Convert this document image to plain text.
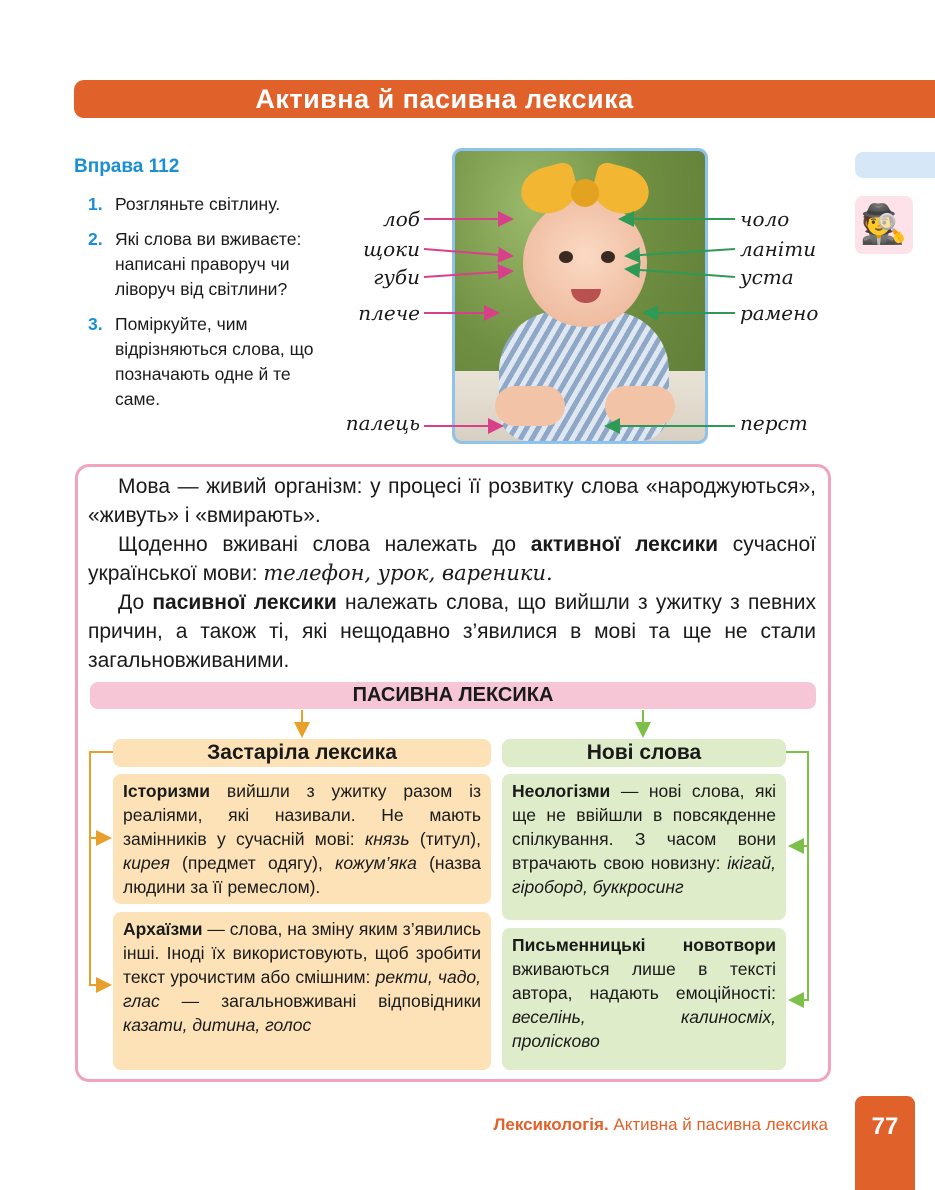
Активна й пасивна лексика
🕵
Вправа 112
1. Розгляньте світлину.
2. Які слова ви вживаєте: написані праворуч чи ліворуч від світлини?
3. Поміркуйте, чим відрізняються слова, що позначають одне й те саме.
лоб
щоки
губи
плече
палець
чоло
ланіти
уста
рамено
перст

Мова — живий організм: у процесі її розвитку слова «народжуються», «живуть» і «вмирають».

Щоденно вживані слова належать до активної лексики сучасної української мови: телефон, урок, вареники.

До пасивної лексики належать слова, що вийшли з ужитку з певних причин, а також ті, які нещодавно з’явилися в мові та ще не стали загальновживаними.

ПАСИВНА ЛЕКСИКА
Застаріла лексика	Нові слова
Історизми вийшли з ужитку разом із реаліями, які називали. Не мають замінників у сучасній мові: князь (титул), кирея (предмет одягу), кожум’яка (назва людини за її ремеслом).
Архаїзми — слова, на зміну яким з’явились інші. Іноді їх використовують, щоб зробити текст урочистим або смішним: ректи, чадо, глас — загальновживані відповідники казати, дитина, голос
Неологізми — нові слова, які ще не ввійшли в повсякденне спілкування. З часом вони втрачають свою новизну: ікігай, гіроборд, буккросинг
Письменницькі новотвори вживаються лише в тексті автора, надають емоційності: веселінь, калиносміх, пролісково
Лексикологія. Активна й пасивна лексика	77
